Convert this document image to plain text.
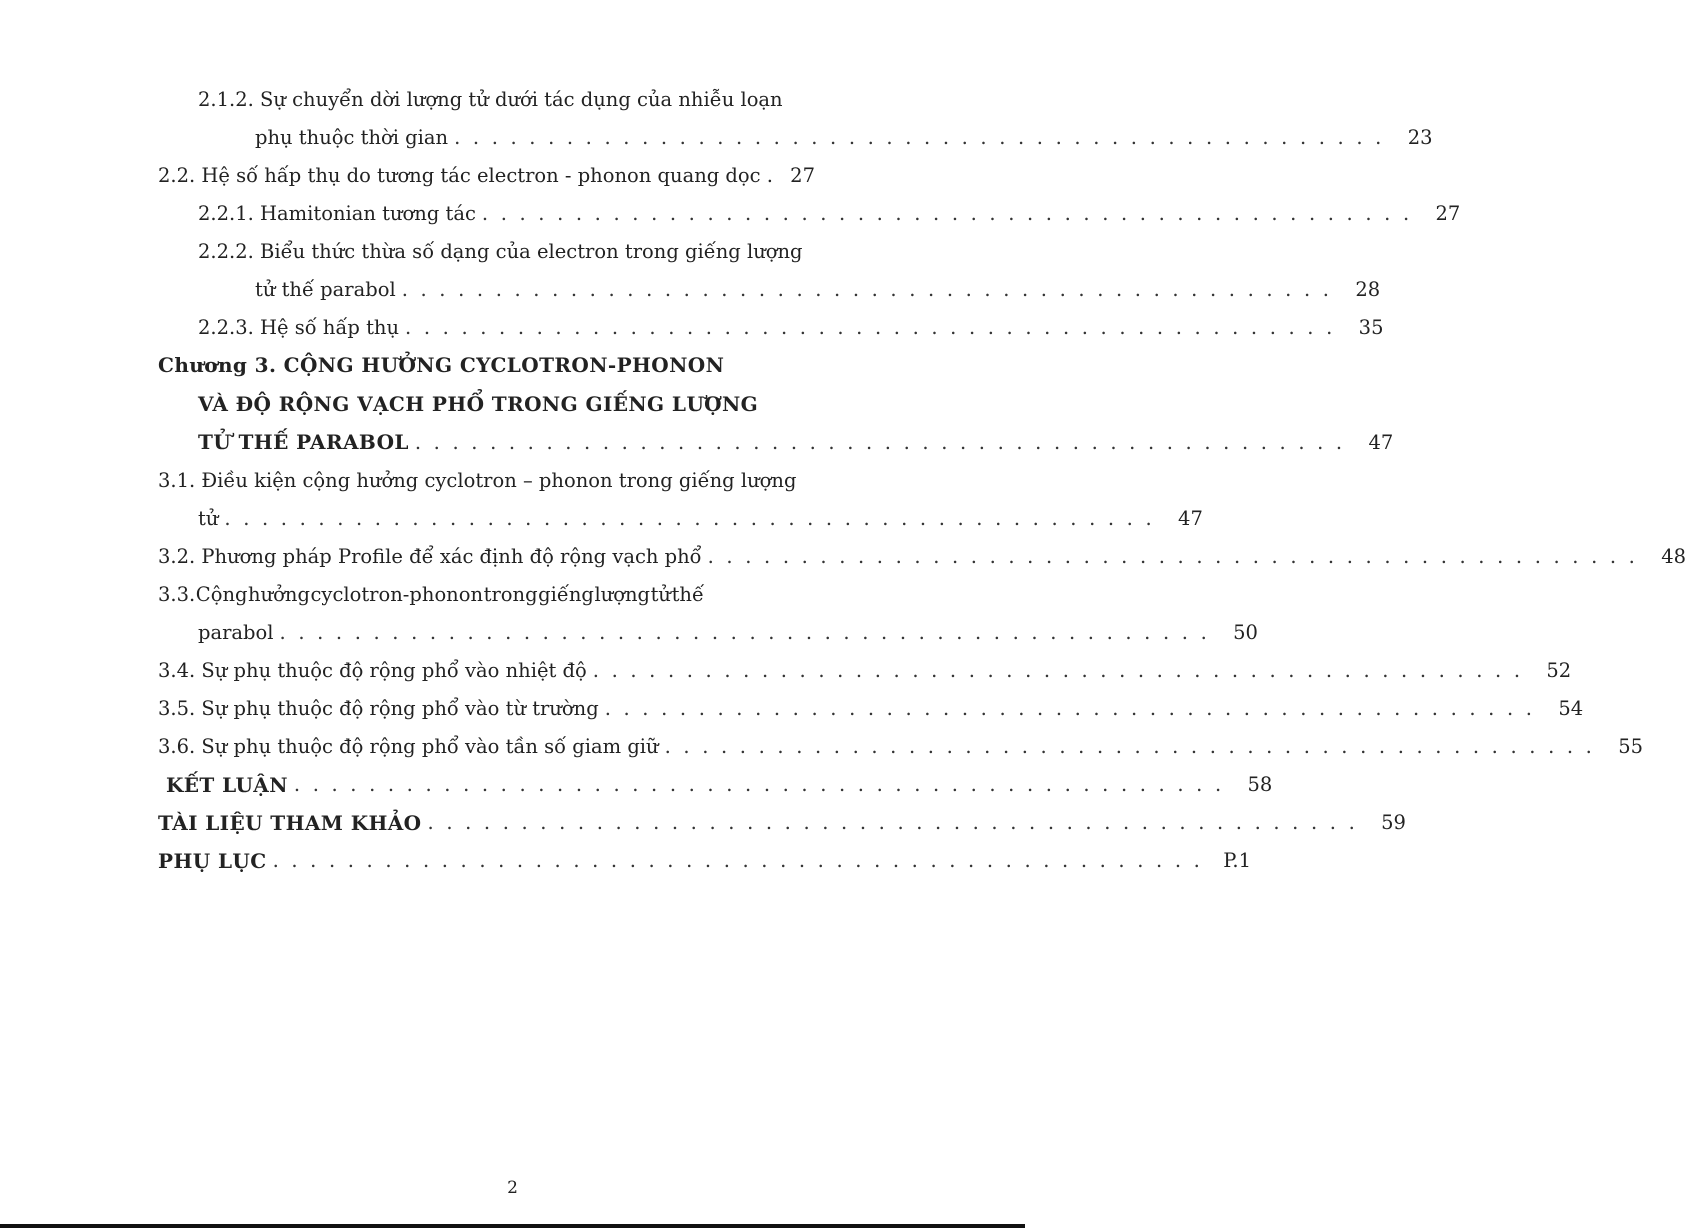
2.1.2. Sự chuyển dời lượng tử dưới tác dụng của nhiễu loạn
phụ thuộc thời gian . . . . . . . . . . . . . . . . . . . . . . . . . . . . . . . . . . . . . . . . . . . . . . . . . .	23
2.2. Hệ số hấp thụ do tương tác electron - phonon quang dọc . 27
2.2.1. Hamitonian tương tác . . . . . . . . . . . . . . . . . . . . . . . . . . . . . . . . . . . . . . . . . . . . . . . . . .	27
2.2.2. Biểu thức thừa số dạng của electron trong giếng lượng
tử thế parabol . . . . . . . . . . . . . . . . . . . . . . . . . . . . . . . . . . . . . . . . . . . . . . . . . .	28
2.2.3. Hệ số hấp thụ . . . . . . . . . . . . . . . . . . . . . . . . . . . . . . . . . . . . . . . . . . . . . . . . . .	35
Chương 3. CỘNG HƯỞNG CYCLOTRON-PHONON
VÀ ĐỘ RỘNG VẠCH PHỔ TRONG GIẾNG LƯỢNG
TỬ THẾ PARABOL . . . . . . . . . . . . . . . . . . . . . . . . . . . . . . . . . . . . . . . . . . . . . . . . . .	47
3.1. Điều kiện cộng hưởng cyclotron – phonon trong giếng lượng
tử . . . . . . . . . . . . . . . . . . . . . . . . . . . . . . . . . . . . . . . . . . . . . . . . . .	47
3.2. Phương pháp Profile để xác định độ rộng vạch phổ . . . . . . . . . . . . . . . . . . . . . . . . . . . . . . . . . . . . . . . . . . . . . . . . . .	48
3.3. Cộng hưởng cyclotron-phonon trong giếng lượng tử thế
parabol . . . . . . . . . . . . . . . . . . . . . . . . . . . . . . . . . . . . . . . . . . . . . . . . . .	50
3.4. Sự phụ thuộc độ rộng phổ vào nhiệt độ . . . . . . . . . . . . . . . . . . . . . . . . . . . . . . . . . . . . . . . . . . . . . . . . . .	52
3.5. Sự phụ thuộc độ rộng phổ vào từ trường . . . . . . . . . . . . . . . . . . . . . . . . . . . . . . . . . . . . . . . . . . . . . . . . . .	54
3.6. Sự phụ thuộc độ rộng phổ vào tần số giam giữ . . . . . . . . . . . . . . . . . . . . . . . . . . . . . . . . . . . . . . . . . . . . . . . . . .	55
KẾT LUẬN . . . . . . . . . . . . . . . . . . . . . . . . . . . . . . . . . . . . . . . . . . . . . . . . . .	58
TÀI LIỆU THAM KHẢO . . . . . . . . . . . . . . . . . . . . . . . . . . . . . . . . . . . . . . . . . . . . . . . . . .	59
PHỤ LỤC . . . . . . . . . . . . . . . . . . . . . . . . . . . . . . . . . . . . . . . . . . . . . . . . . .	P.1
2
